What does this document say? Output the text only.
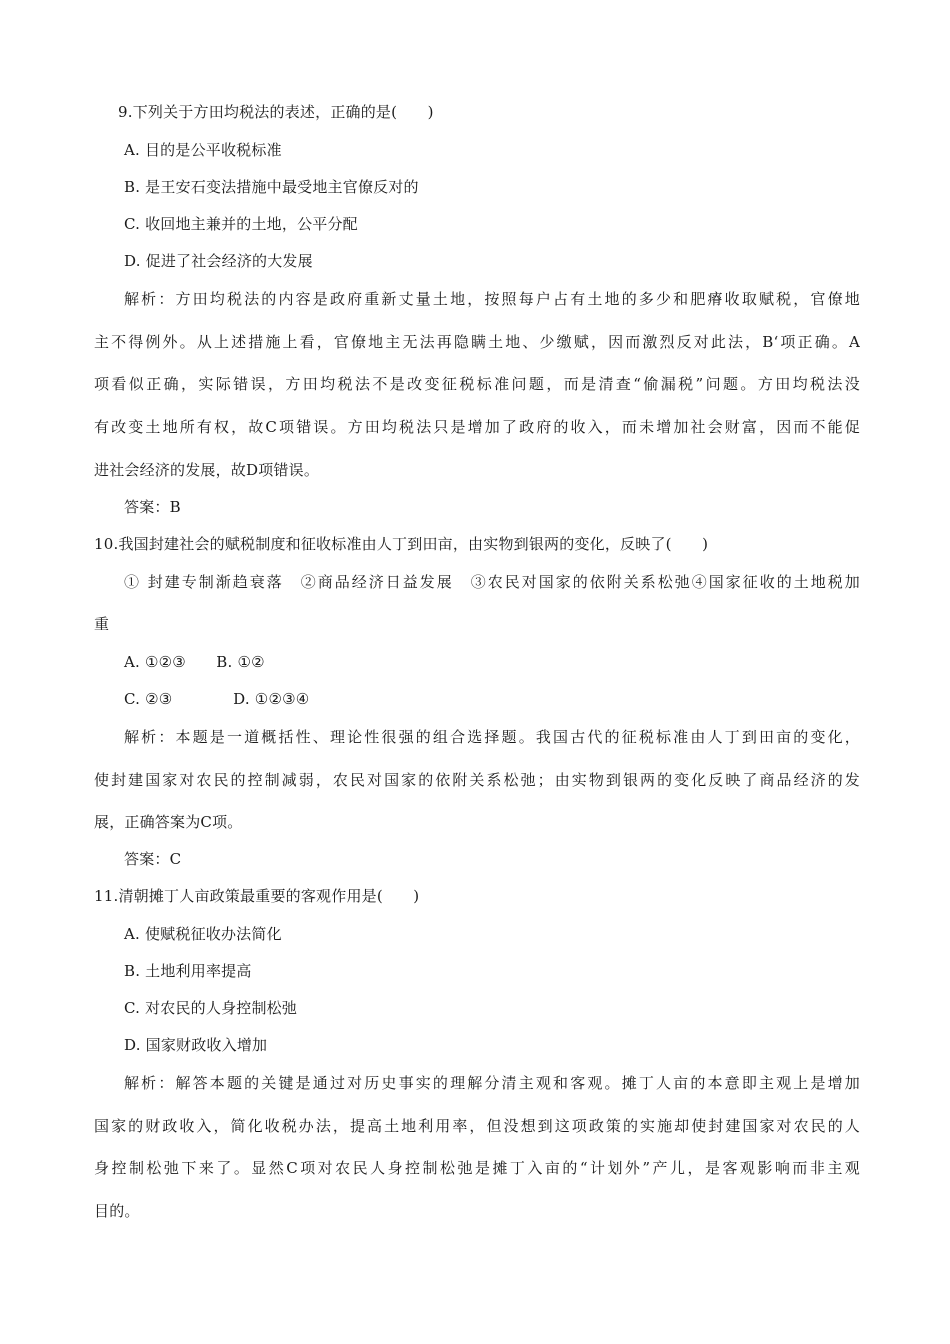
9.下列关于方田均税法的表述，正确的是(　　)
A. 目的是公平收税标准
B. 是王安石变法措施中最受地主官僚反对的
C. 收回地主兼并的土地，公平分配
D. 促进了社会经济的大发展
解析：方田均税法的内容是政府重新丈量土地，按照每户占有土地的多少和肥瘠收取赋税，官僚地
主不得例外。从上述措施上看，官僚地主无法再隐瞒土地、少缴赋，因而激烈反对此法，B‘项正确。A
项看似正确，实际错误，方田均税法不是改变征税标准问题，而是清查“偷漏税”问题。方田均税法没
有改变土地所有权，故C项错误。方田均税法只是增加了政府的收入，而未增加社会财富，因而不能促
进社会经济的发展，故D项错误。
答案：B
10.我国封建社会的赋税制度和征收标准由人丁到田亩，由实物到银两的变化，反映了(　　)
① 封建专制渐趋衰落　②商品经济日益发展　③农民对国家的依附关系松弛④国家征收的土地税加
重
A. ①②③　　B. ①②
C. ②③　　　　D. ①②③④
解析：本题是一道概括性、理论性很强的组合选择题。我国古代的征税标准由人丁到田亩的变化，
使封建国家对农民的控制减弱，农民对国家的依附关系松弛；由实物到银两的变化反映了商品经济的发
展，正确答案为C项。
答案：C
11.清朝摊丁人亩政策最重要的客观作用是(　　)
A. 使赋税征收办法简化
B. 土地利用率提高
C. 对农民的人身控制松弛
D. 国家财政收入增加
解析：解答本题的关键是通过对历史事实的理解分清主观和客观。摊丁人亩的本意即主观上是增加
国家的财政收入，简化收税办法，提高土地利用率，但没想到这项政策的实施却使封建国家对农民的人
身控制松弛下来了。显然C项对农民人身控制松弛是摊丁入亩的“计划外”产儿，是客观影响而非主观
目的。
